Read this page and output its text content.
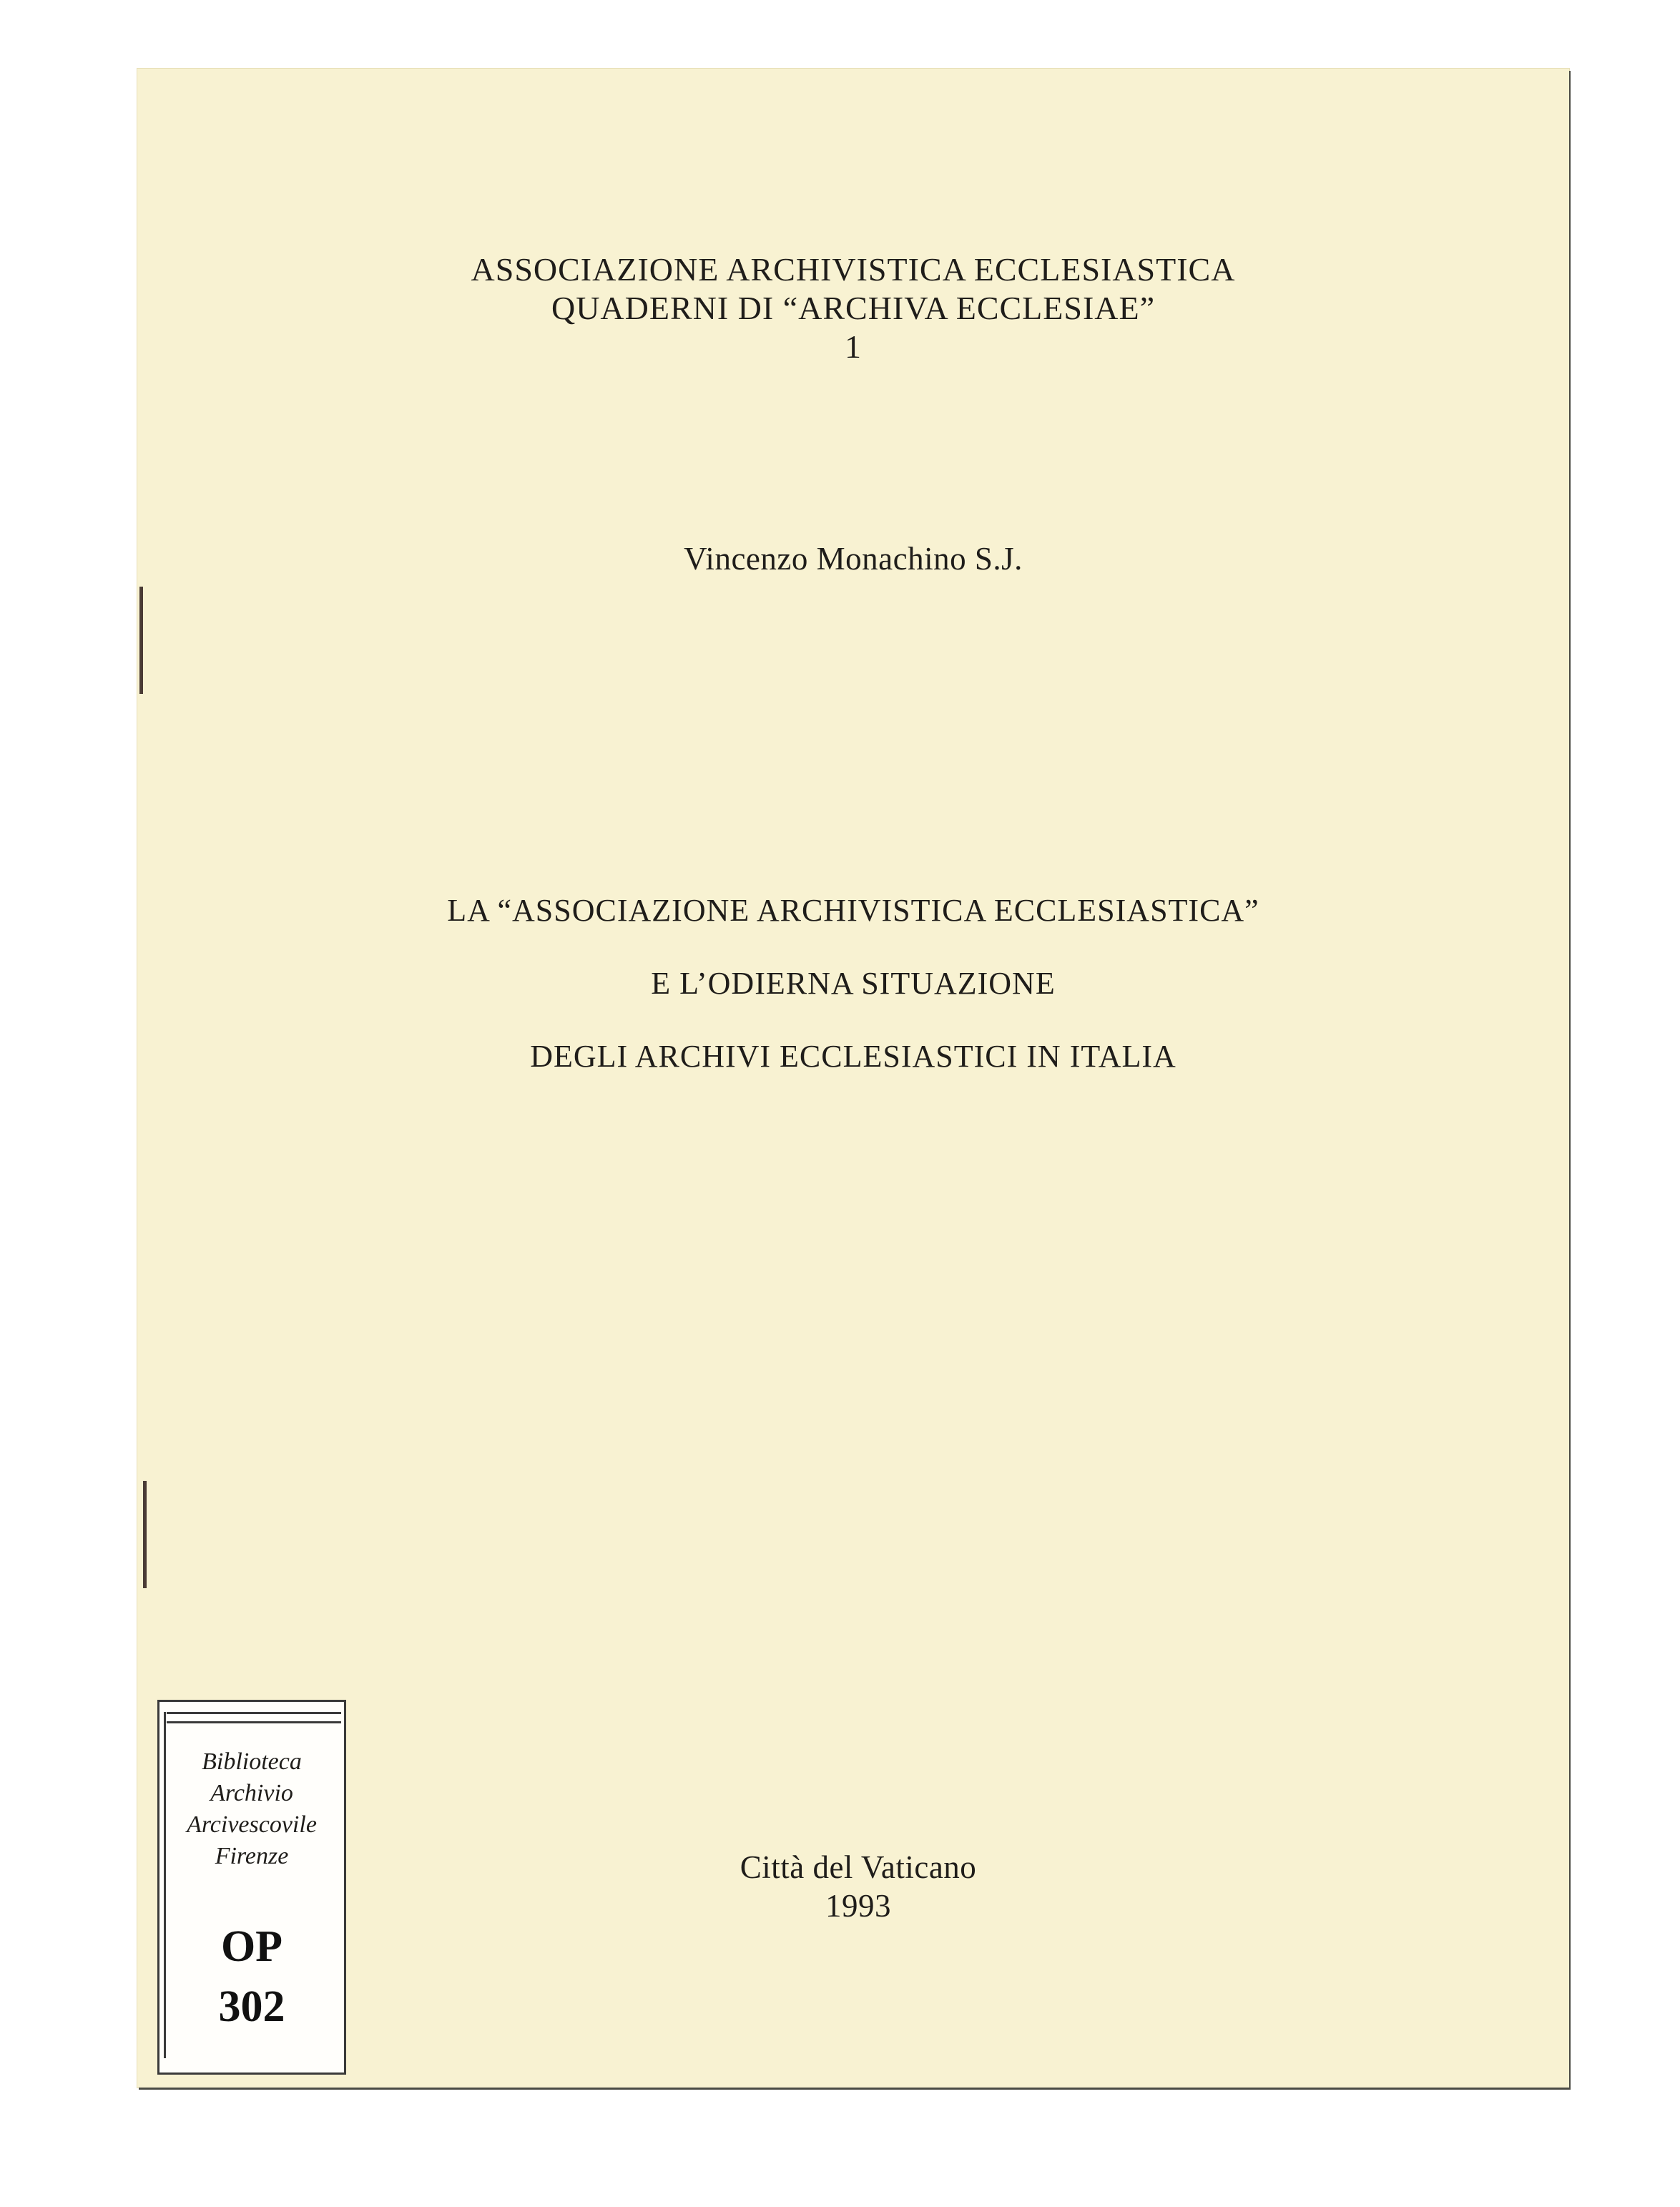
ASSOCIAZIONE ARCHIVISTICA ECCLESIASTICA
QUADERNI DI “ARCHIVA ECCLESIAE”
1
Vincenzo Monachino S.J.
LA “ASSOCIAZIONE ARCHIVISTICA ECCLESIASTICA”
E L’ODIERNA SITUAZIONE
DEGLI ARCHIVI ECCLESIASTICI IN ITALIA
Città del Vaticano
1993
Biblioteca
Archivio
Arcivescovile
Firenze
OP
302
